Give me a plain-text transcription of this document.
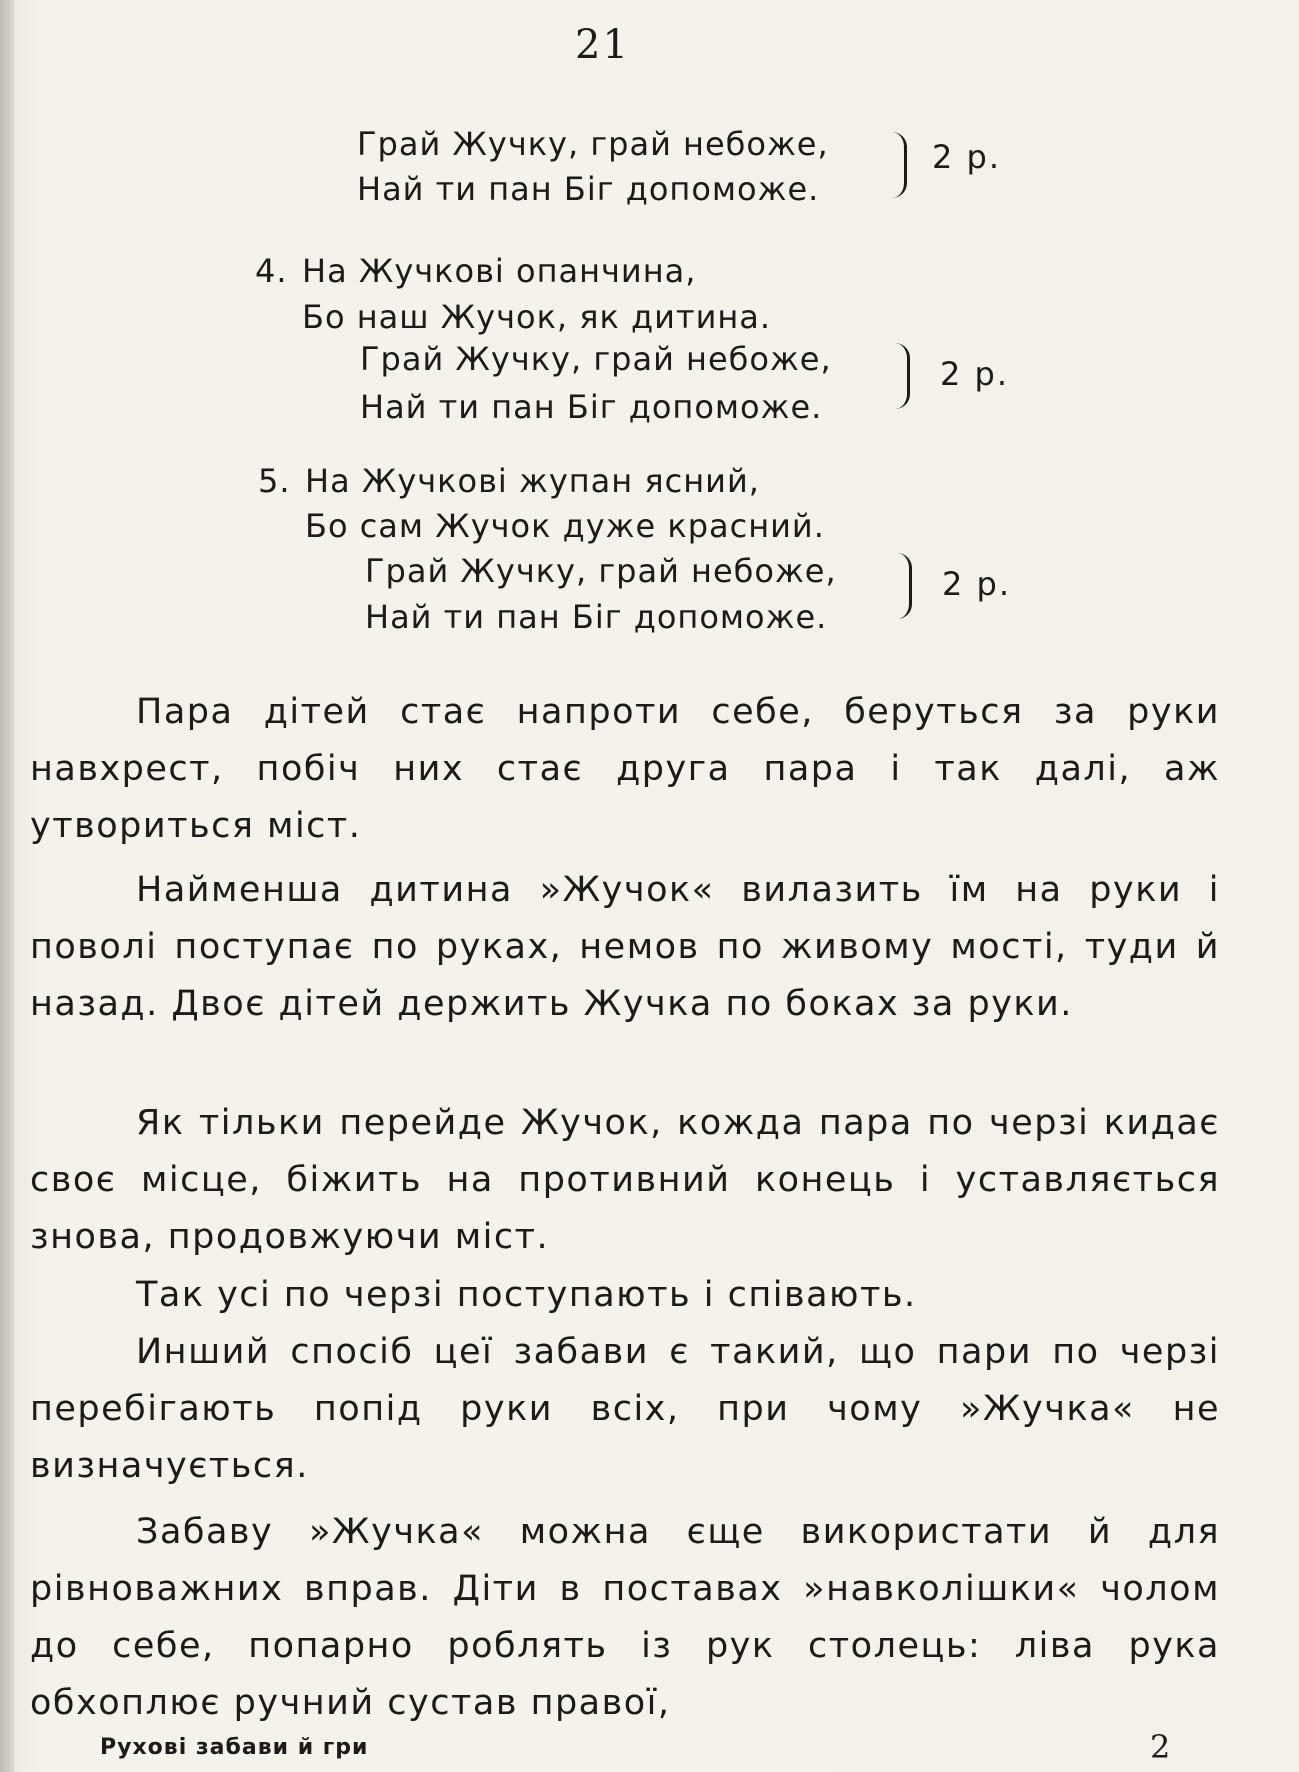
21
Грай Жучку, грай небоже,
Най ти пан Біг допоможе.
2 р.
4. На Жучкові опанчина,
Бо наш Жучок, як дитина.
Грай Жучку, грай небоже,
Най ти пан Біг допоможе.
2 р.
5. На Жучкові жупан ясний,
Бо сам Жучок дуже красний.
Грай Жучку, грай небоже,
Най ти пан Біг допоможе.
2 р.
Пара дітей стає напроти себе, беруться за руки навхрест, побіч них стає друга пара і так далі, аж утвориться міст.
Найменша дитина »Жучок« вилазить їм на руки і поволі поступає по руках, немов по живому мості, туди й назад. Двоє дітей держить Жучка по боках за руки.
Як тільки перейде Жучок, кожда пара по черзі кидає своє місце, біжить на противний конець і уставляється знова, продовжуючи міст.
Так усі по черзі поступають і співають.
Инший спосіб цеї забави є такий, що пари по черзі перебігають попід руки всіх, при чому »Жучка« не визначується.
Забаву »Жучка« можна єще використати й для рівноважних вправ. Діти в поставах »навколішки« чолом до себе, попарно роблять із рук столець: ліва рука обхоплює ручний сустав правої,
Рухові забави й гри	2
